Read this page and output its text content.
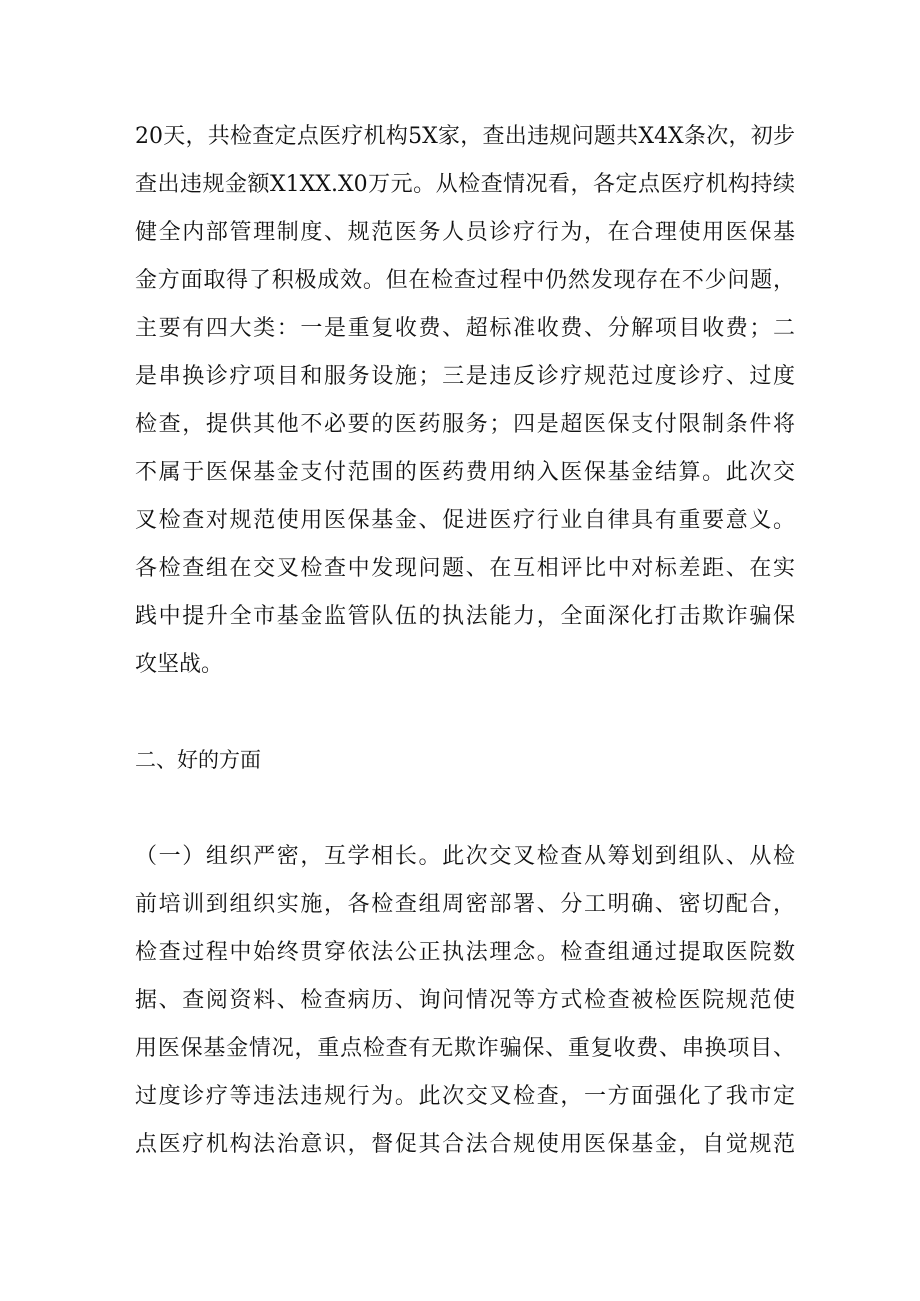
20天，共检查定点医疗机构5X家，查出违规问题共X4X条次，初步
查出违规金额X1XX.X0万元。从检查情况看，各定点医疗机构持续
健全内部管理制度、规范医务人员诊疗行为，在合理使用医保基
金方面取得了积极成效。但在检查过程中仍然发现存在不少问题，
主要有四大类：一是重复收费、超标准收费、分解项目收费；二
是串换诊疗项目和服务设施；三是违反诊疗规范过度诊疗、过度
检查，提供其他不必要的医药服务；四是超医保支付限制条件将
不属于医保基金支付范围的医药费用纳入医保基金结算。此次交
叉检查对规范使用医保基金、促进医疗行业自律具有重要意义。
各检查组在交叉检查中发现问题、在互相评比中对标差距、在实
践中提升全市基金监管队伍的执法能力，全面深化打击欺诈骗保
攻坚战。
二、好的方面
（一）组织严密，互学相长。此次交叉检查从筹划到组队、从检
前培训到组织实施，各检查组周密部署、分工明确、密切配合，
检查过程中始终贯穿依法公正执法理念。检查组通过提取医院数
据、查阅资料、检查病历、询问情况等方式检查被检医院规范使
用医保基金情况，重点检查有无欺诈骗保、重复收费、串换项目、
过度诊疗等违法违规行为。此次交叉检查，一方面强化了我市定
点医疗机构法治意识，督促其合法合规使用医保基金，自觉规范
